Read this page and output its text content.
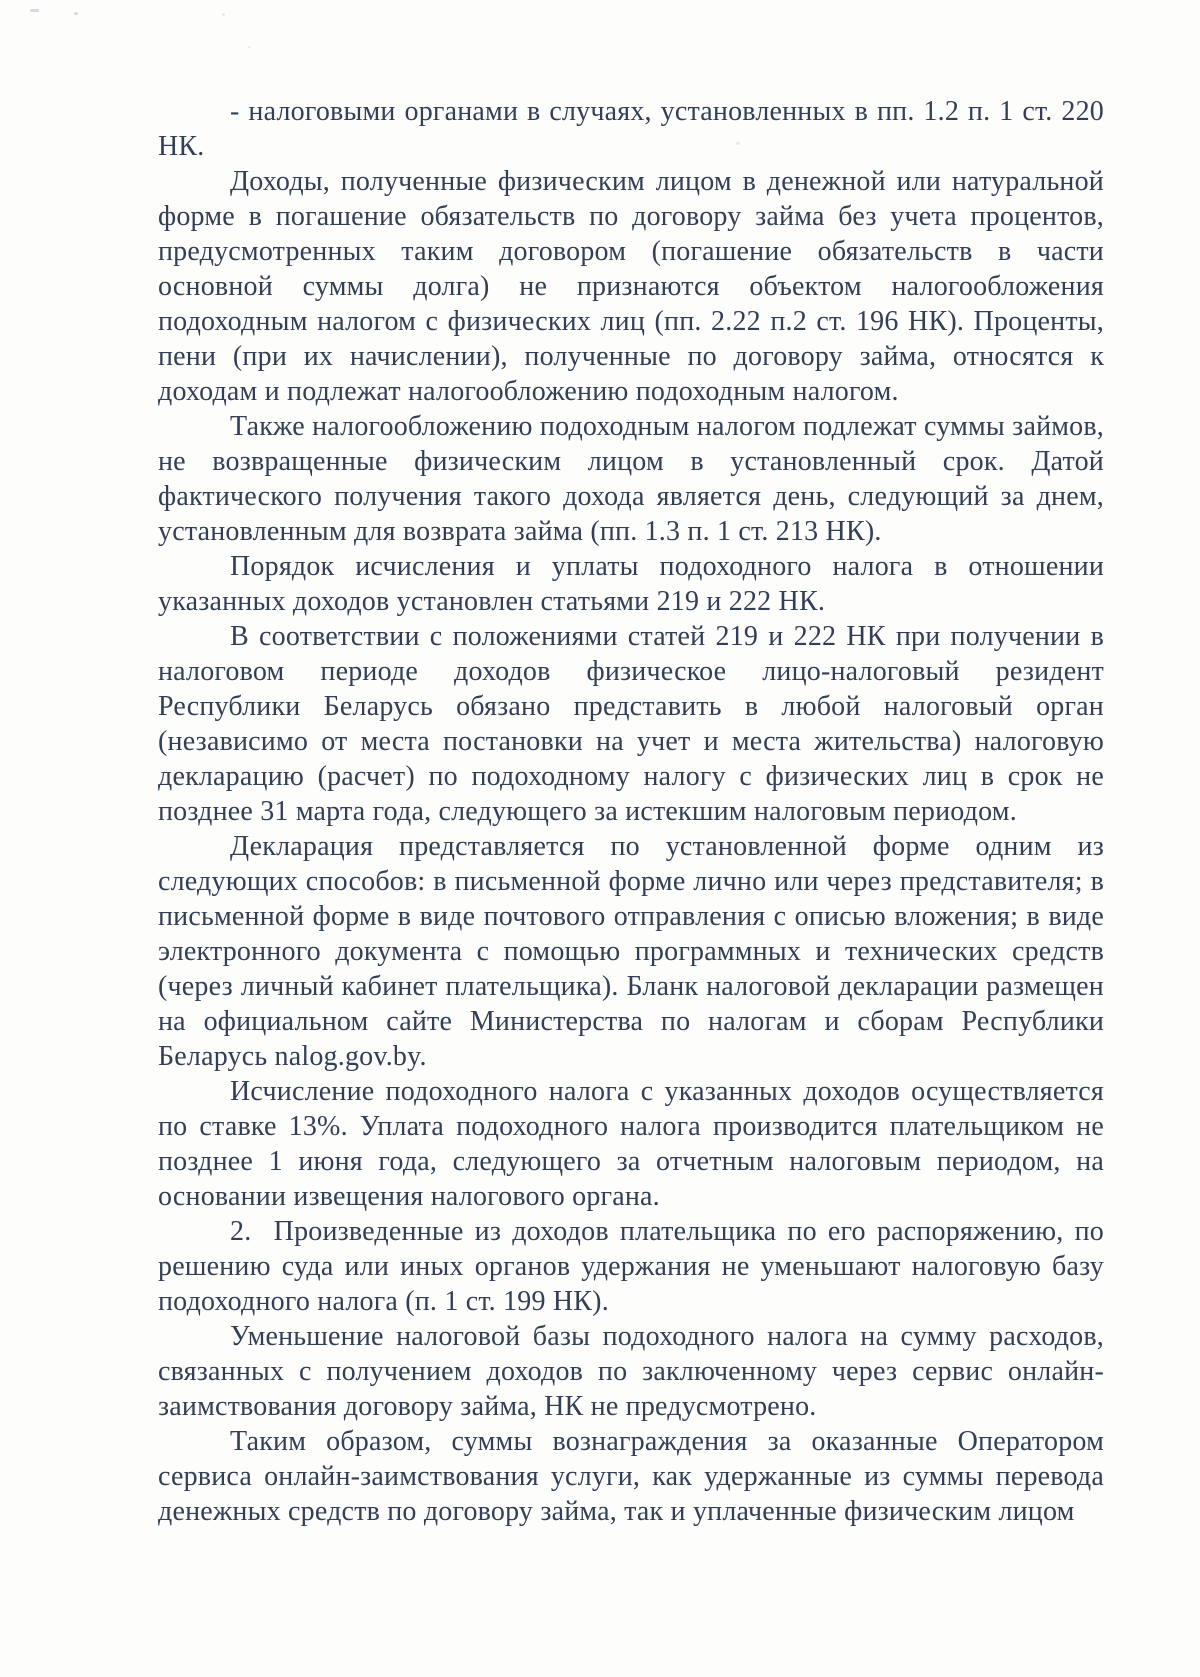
- налоговыми органами в случаях, установленных в пп. 1.2 п. 1 ст. 220 НК.

Доходы, полученные физическим лицом в денежной или натуральной форме в погашение обязательств по договору займа без учета процентов, предусмотренных таким договором (погашение обязательств в части основной суммы долга) не признаются объектом налогообложения подоходным налогом с физических лиц (пп. 2.22 п.2 ст. 196 НК). Проценты, пени (при их начислении), полученные по договору займа, относятся к доходам и подлежат налогообложению подоходным налогом.

Также налогообложению подоходным налогом подлежат суммы займов, не возвращенные физическим лицом в установленный срок. Датой фактического получения такого дохода является день, следующий за днем, установленным для возврата займа (пп. 1.3 п. 1 ст. 213 НК).

Порядок исчисления и уплаты подоходного налога в отношении указанных доходов установлен статьями 219 и 222 НК.

В соответствии с положениями статей 219 и 222 НК при получении в налоговом периоде доходов физическое лицо-налоговый резидент Республики Беларусь обязано представить в любой налоговый орган (независимо от места постановки на учет и места жительства) налоговую декларацию (расчет) по подоходному налогу с физических лиц в срок не позднее 31 марта года, следующего за истекшим налоговым периодом.

Декларация представляется по установленной форме одним из следующих способов: в письменной форме лично или через представителя; в письменной форме в виде почтового отправления с описью вложения; в виде электронного документа с помощью программных и технических средств (через личный кабинет плательщика). Бланк налоговой декларации размещен на официальном сайте Министерства по налогам и сборам Республики Беларусь nalog.gov.by.

Исчисление подоходного налога с указанных доходов осуществляется по ставке 13%. Уплата подоходного налога производится плательщиком не позднее 1 июня года, следующего за отчетным налоговым периодом, на основании извещения налогового органа.

2.  Произведенные из доходов плательщика по его распоряжению, по решению суда или иных органов удержания не уменьшают налоговую базу подоходного налога (п. 1 ст. 199 НК).

Уменьшение налоговой базы подоходного налога на сумму расходов, связанных с получением доходов по заключенному через сервис онлайн-заимствования договору займа, НК не предусмотрено.

Таким образом, суммы вознаграждения за оказанные Оператором сервиса онлайн-заимствования услуги, как удержанные из суммы перевода денежных средств по договору займа, так и уплаченные физическим лицом
